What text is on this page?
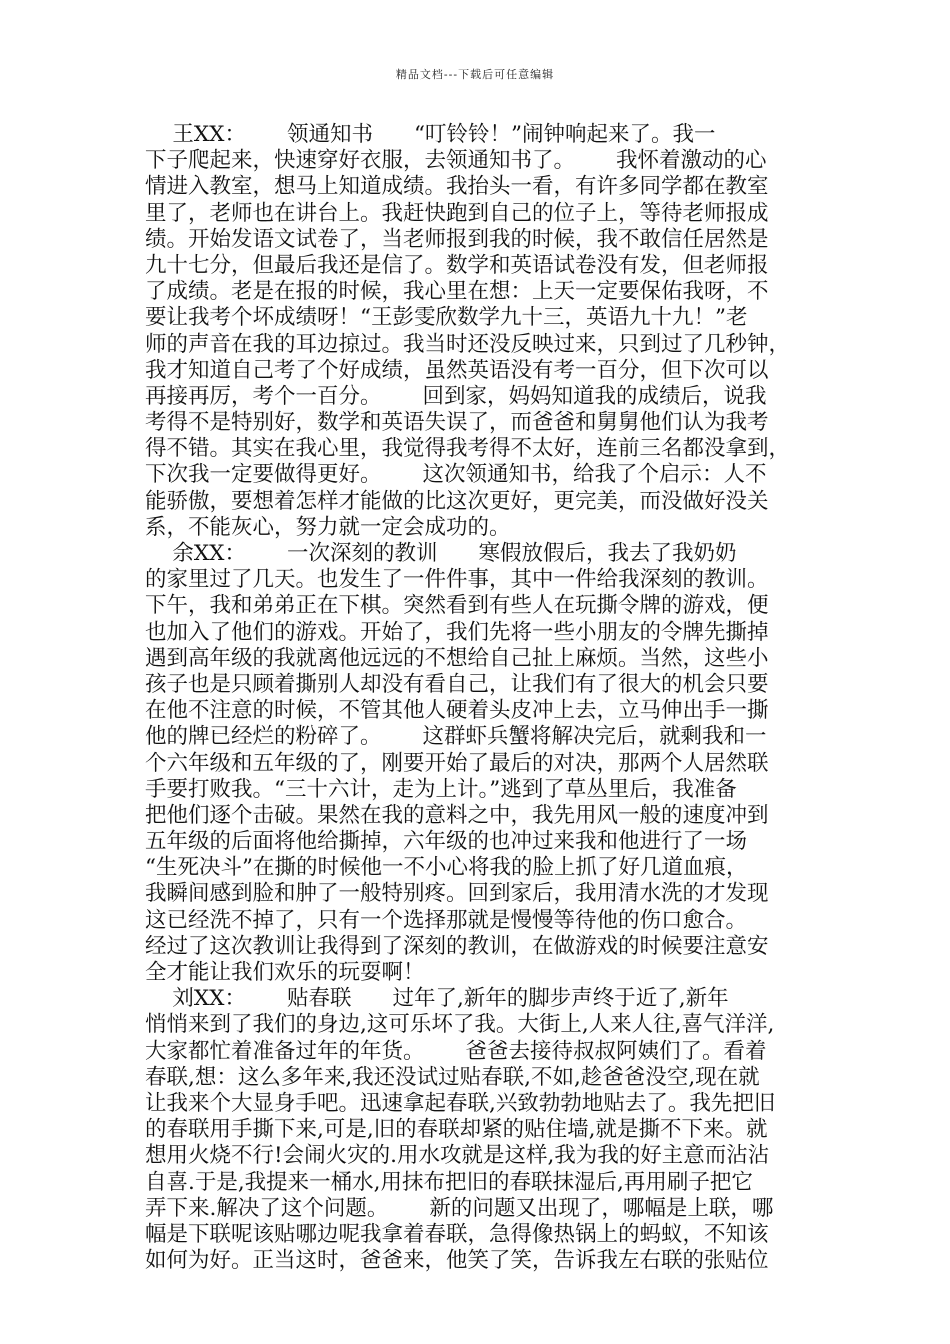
精品文档---下载后可任意编辑
王XX：      领通知书      “叮铃铃！”闹钟响起来了。我一
下子爬起来，快速穿好衣服，去领通知书了。      我怀着激动的心
情进入教室，想马上知道成绩。我抬头一看，有许多同学都在教室
里了，老师也在讲台上。我赶快跑到自己的位子上，等待老师报成
绩。开始发语文试卷了，当老师报到我的时候，我不敢信任居然是
九十七分，但最后我还是信了。数学和英语试卷没有发，但老师报
了成绩。老是在报的时候，我心里在想：上天一定要保佑我呀，不
要让我考个坏成绩呀！“王彭雯欣数学九十三，英语九十九！”老
师的声音在我的耳边掠过。我当时还没反映过来，只到过了几秒钟，
我才知道自己考了个好成绩，虽然英语没有考一百分，但下次可以
再接再厉，考个一百分。      回到家，妈妈知道我的成绩后，说我
考得不是特别好，数学和英语失误了，而爸爸和舅舅他们认为我考
得不错。其实在我心里，我觉得我考得不太好，连前三名都没拿到，
下次我一定要做得更好。      这次领通知书，给我了个启示：人不
能骄傲，要想着怎样才能做的比这次更好，更完美，而没做好没关
系，不能灰心，努力就一定会成功的。
余XX：      一次深刻的教训      寒假放假后，我去了我奶奶
的家里过了几天。也发生了一件件事，其中一件给我深刻的教训。
下午，我和弟弟正在下棋。突然看到有些人在玩撕令牌的游戏，便
也加入了他们的游戏。开始了，我们先将一些小朋友的令牌先撕掉
遇到高年级的我就离他远远的不想给自己扯上麻烦。当然，这些小
孩子也是只顾着撕别人却没有看自己，让我们有了很大的机会只要
在他不注意的时候，不管其他人硬着头皮冲上去，立马伸出手一撕
他的牌已经烂的粉碎了。      这群虾兵蟹将解决完后，就剩我和一
个六年级和五年级的了，刚要开始了最后的对决，那两个人居然联
手要打败我。“三十六计，走为上计。”逃到了草丛里后，我准备
把他们逐个击破。果然在我的意料之中，我先用风一般的速度冲到
五年级的后面将他给撕掉，六年级的也冲过来我和他进行了一场
“生死决斗”在撕的时候他一不小心将我的脸上抓了好几道血痕，
我瞬间感到脸和肿了一般特别疼。回到家后，我用清水洗的才发现
这已经洗不掉了，只有一个选择那就是慢慢等待他的伤口愈合。
经过了这次教训让我得到了深刻的教训，在做游戏的时候要注意安
全才能让我们欢乐的玩耍啊！
刘XX：      贴春联      过年了,新年的脚步声终于近了,新年
悄悄来到了我们的身边,这可乐坏了我。大街上,人来人往,喜气洋洋,
大家都忙着准备过年的年货。      爸爸去接待叔叔阿姨们了。看着
春联,想：这么多年来,我还没试过贴春联,不如,趁爸爸没空,现在就
让我来个大显身手吧。迅速拿起春联,兴致勃勃地贴去了。我先把旧
的春联用手撕下来,可是,旧的春联却紧的贴住墙,就是撕不下来。就
想用火烧不行!会闹火灾的.用水攻就是这样,我为我的好主意而沾沾
自喜.于是,我提来一桶水,用抹布把旧的春联抹湿后,再用刷子把它
弄下来.解决了这个问题。      新的问题又出现了，哪幅是上联，哪
幅是下联呢该贴哪边呢我拿着春联，急得像热锅上的蚂蚁，不知该
如何为好。正当这时，爸爸来，他笑了笑，告诉我左右联的张贴位
